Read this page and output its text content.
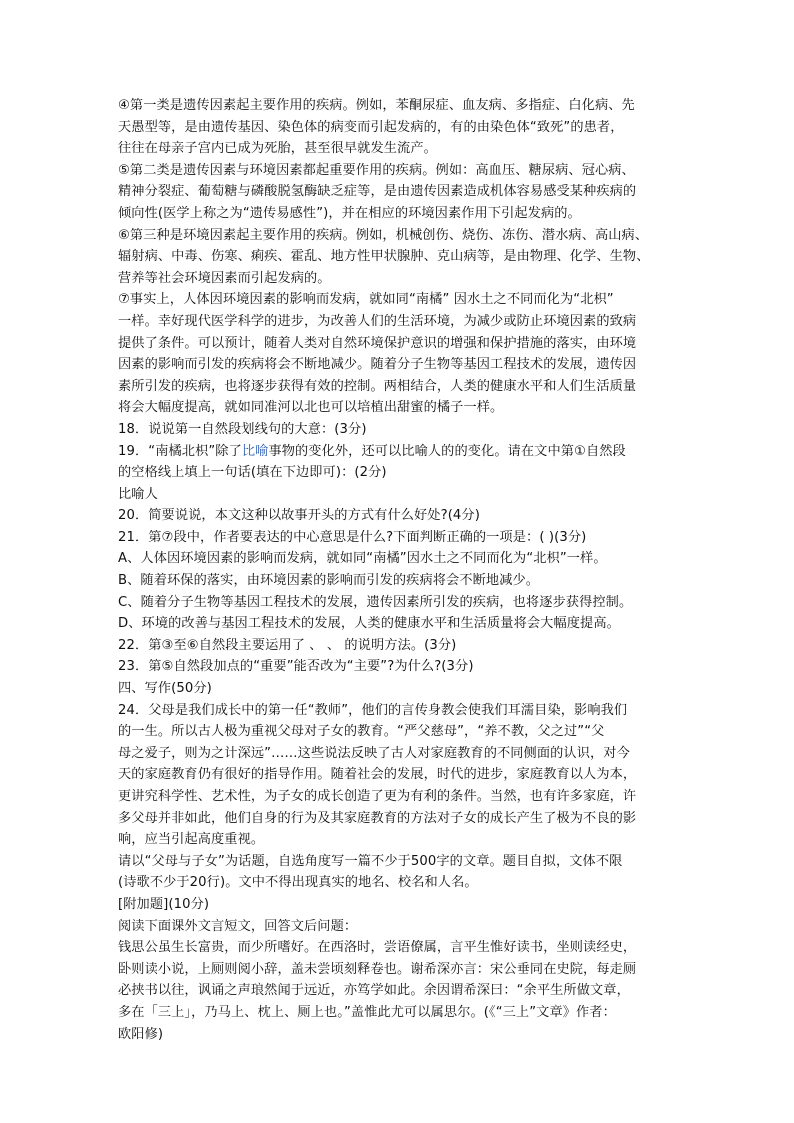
④第一类是遗传因素起主要作用的疾病。例如，苯酮尿症、血友病、多指症、白化病、先
天愚型等，是由遗传基因、染色体的病变而引起发病的，有的由染色体“致死”的患者，
往往在母亲子宫内已成为死胎，甚至很早就发生流产。
⑤第二类是遗传因素与环境因素都起重要作用的疾病。例如：高血压、糖尿病、冠心病、
精神分裂症、葡萄糖与磷酸脱氢酶缺乏症等，是由遗传因素造成机体容易感受某种疾病的
倾向性(医学上称之为“遗传易感性”)，并在相应的环境因素作用下引起发病的。
⑥第三种是环境因素起主要作用的疾病。例如，机械创伤、烧伤、冻伤、潜水病、高山病、
辐射病、中毒、伤寒、痢疾、霍乱、地方性甲状腺肿、克山病等，是由物理、化学、生物、
营养等社会环境因素而引起发病的。
⑦事实上，人体因环境因素的影响而发病，就如同“南橘” 因水土之不同而化为“北枳”
一样。幸好现代医学科学的进步，为改善人们的生活环境，为减少或防止环境因素的致病
提供了条件。可以预计，随着人类对自然环境保护意识的增强和保护措施的落实，由环境
因素的影响而引发的疾病将会不断地减少。随着分子生物等基因工程技术的发展，遗传因
素所引发的疾病，也将逐步获得有效的控制。两相结合，人类的健康水平和人们生活质量
将会大幅度提高，就如同准河以北也可以培植出甜蜜的橘子一样。
18．说说第一自然段划线句的大意：(3分)
19．“南橘北枳”除了比喻事物的变化外，还可以比喻人的的变化。请在文中第①自然段
的空格线上填上一句话(填在下边即可)：(2分)
比喻人
20．简要说说，本文这种以故事开头的方式有什么好处?(4分)
21．第⑦段中，作者要表达的中心意思是什么?下面判断正确的一项是：( )(3分)
A、人体因环境因素的影响而发病，就如同“南橘”因水土之不同而化为“北枳”一样。
B、随着环保的落实，由环境因素的影响而引发的疾病将会不断地减少。
C、随着分子生物等基因工程技术的发展，遗传因素所引发的疾病，也将逐步获得控制。
D、环境的改善与基因工程技术的发展，人类的健康水平和生活质量将会大幅度提高。
22．第③至⑥自然段主要运用了 、 、 的说明方法。(3分)
23．第⑤自然段加点的“重要”能否改为“主要”?为什么?(3分)
四、写作(50分)
24．父母是我们成长中的第一任“教师”，他们的言传身教会使我们耳濡目染，影响我们
的一生。所以古人极为重视父母对子女的教育。“严父慈母”，“养不教，父之过”“父
母之爱子，则为之计深远”……这些说法反映了古人对家庭教育的不同侧面的认识，对今
天的家庭教育仍有很好的指导作用。随着社会的发展，时代的进步，家庭教育以人为本，
更讲究科学性、艺术性，为子女的成长创造了更为有利的条件。当然，也有许多家庭，许
多父母并非如此，他们自身的行为及其家庭教育的方法对子女的成长产生了极为不良的影
响，应当引起高度重视。
请以“父母与子女”为话题，自选角度写一篇不少于500字的文章。题目自拟，文体不限
(诗歌不少于20行)。文中不得出现真实的地名、校名和人名。
[附加题](10分)
阅读下面课外文言短文，回答文后问题：
钱思公虽生长富贵，而少所嗜好。在西洛时，尝语僚属，言平生惟好读书，坐则读经史，
卧则读小说，上厕则阅小辞，盖未尝顷刻释卷也。谢希深亦言：宋公垂同在史院，每走厕
必挟书以往，讽诵之声琅然闻于远近，亦笃学如此。余因谓希深曰：“余平生所做文章，
多在「三上」，乃马上、枕上、厕上也。”盖惟此尤可以属思尔。(《“三上”文章》作者：
欧阳修)
